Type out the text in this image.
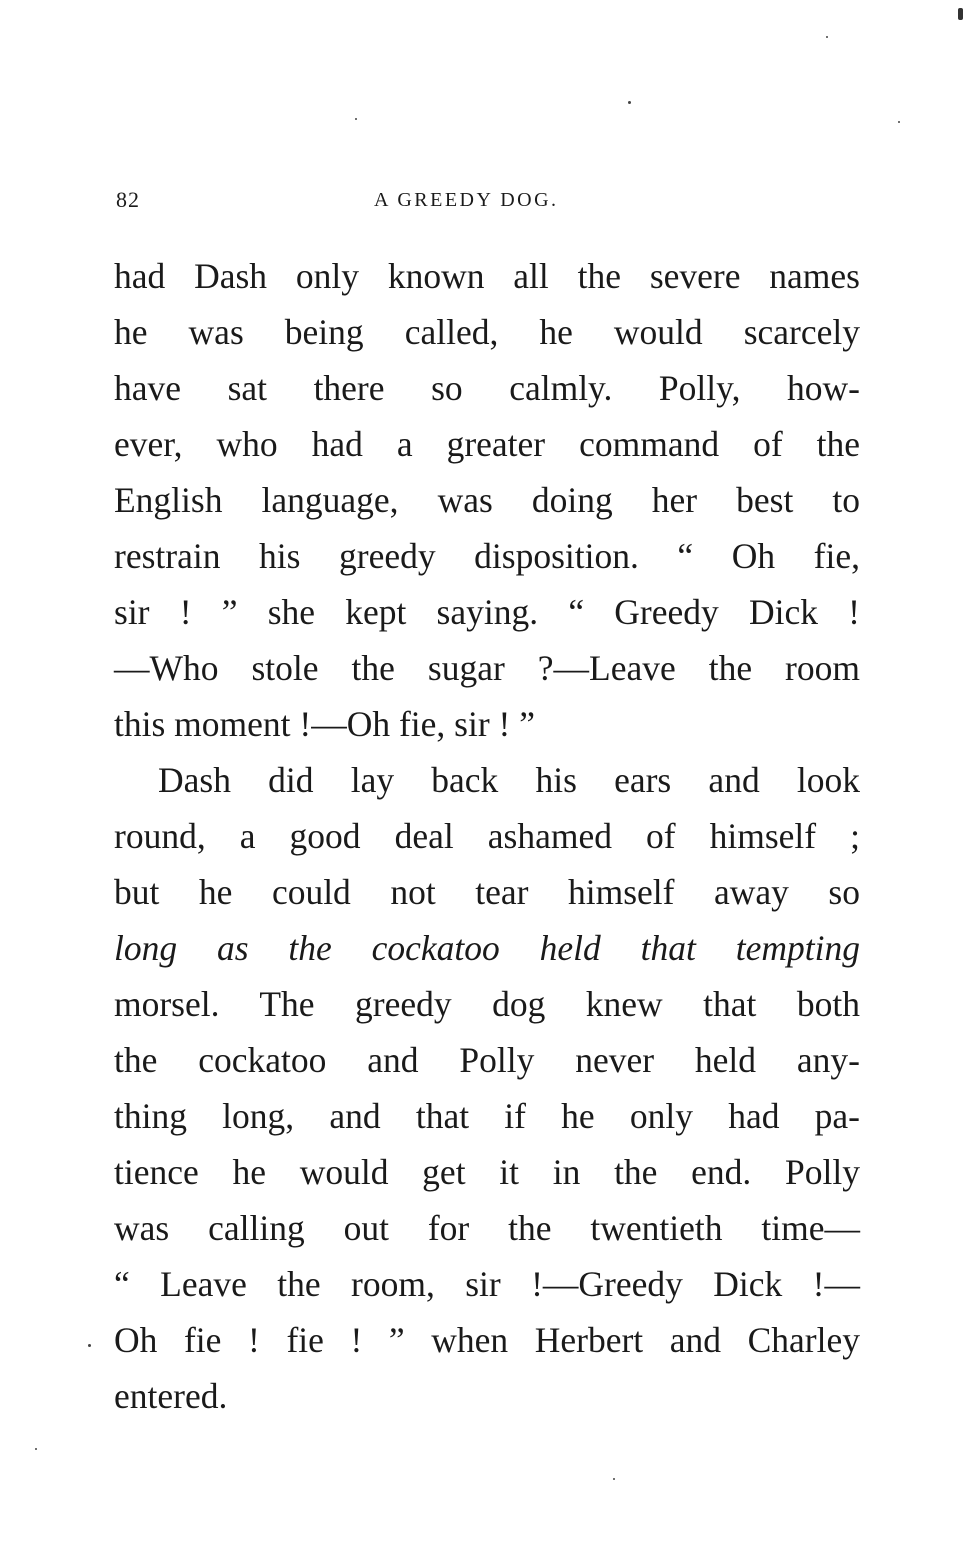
82	A GREEDY DOG.
had Dash only known all the severe names
he was being called, he would scarcely
have sat there so calmly. Polly, how-
ever, who had a greater command of the
English language, was doing her best to
restrain his greedy disposition. “ Oh fie,
sir ! ” she kept saying. “ Greedy Dick !
—Who stole the sugar ?—Leave the room
this moment !—Oh fie, sir ! ”
Dash did lay back his ears and look
round, a good deal ashamed of himself ;
but he could not tear himself away so
long as the cockatoo held that tempting
morsel. The greedy dog knew that both
the cockatoo and Polly never held any-
thing long, and that if he only had pa-
tience he would get it in the end. Polly
was calling out for the twentieth time—
“ Leave the room, sir !—Greedy Dick !—
Oh fie ! fie ! ” when Herbert and Charley
entered.
